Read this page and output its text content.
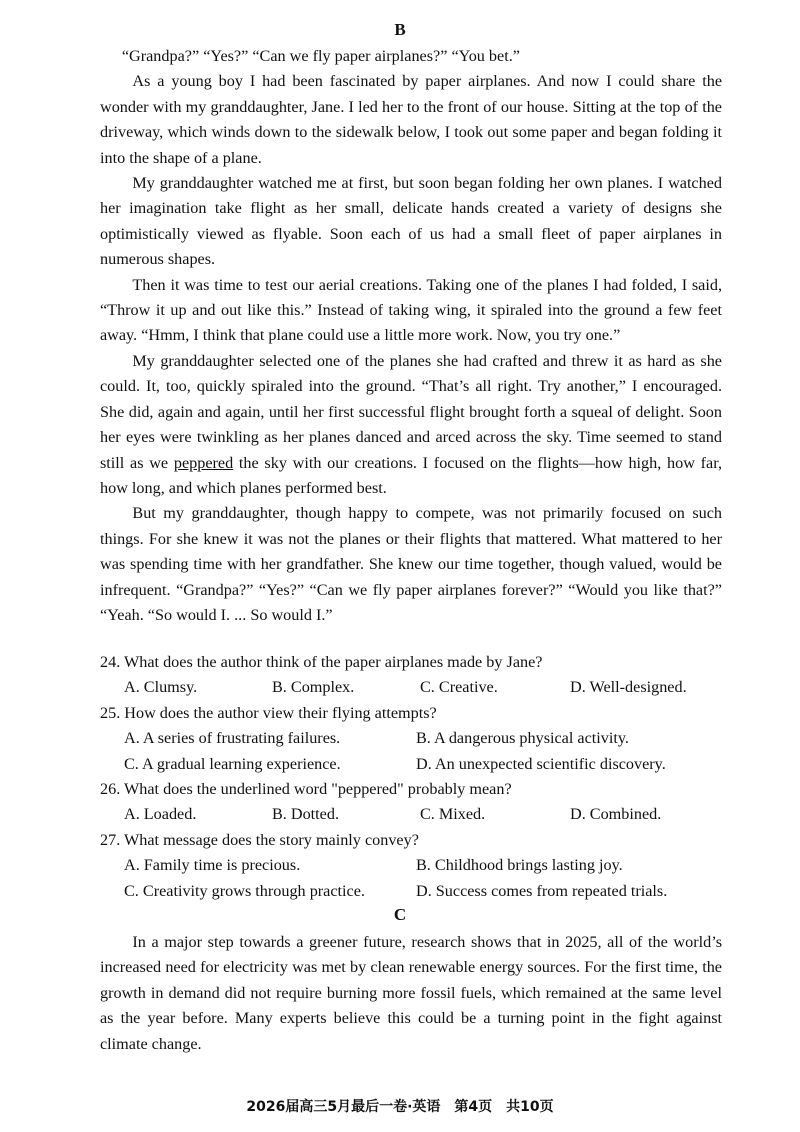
B

“Grandpa?” “Yes?” “Can we fly paper airplanes?” “You bet.”

As a young boy I had been fascinated by paper airplanes. And now I could share the wonder with my granddaughter, Jane. I led her to the front of our house. Sitting at the top of the driveway, which winds down to the sidewalk below, I took out some paper and began folding it into the shape of a plane.

My granddaughter watched me at first, but soon began folding her own planes. I watched her imagination take flight as her small, delicate hands created a variety of designs she optimistically viewed as flyable. Soon each of us had a small fleet of paper airplanes in numerous shapes.

Then it was time to test our aerial creations. Taking one of the planes I had folded, I said, “Throw it up and out like this.” Instead of taking wing, it spiraled into the ground a few feet away. “Hmm, I think that plane could use a little more work. Now, you try one.”

My granddaughter selected one of the planes she had crafted and threw it as hard as she could. It, too, quickly spiraled into the ground. “That’s all right. Try another,” I encouraged. She did, again and again, until her first successful flight brought forth a squeal of delight. Soon her eyes were twinkling as her planes danced and arced across the sky. Time seemed to stand still as we peppered the sky with our creations. I focused on the flights—how high, how far, how long, and which planes performed best.

But my granddaughter, though happy to compete, was not primarily focused on such things. For she knew it was not the planes or their flights that mattered. What mattered to her was spending time with her grandfather. She knew our time together, though valued, would be infrequent. “Grandpa?” “Yes?” “Can we fly paper airplanes forever?” “Would you like that?” “Yeah. “So would I. ... So would I.”

24. What does the author think of the paper airplanes made by Jane?

A. Clumsy.	B. Complex.	C. Creative.	D. Well-designed.

25. How does the author view their flying attempts?

A. A series of frustrating failures.	B. A dangerous physical activity.
C. A gradual learning experience.	D. An unexpected scientific discovery.

26. What does the underlined word "peppered" probably mean?

A. Loaded.	B. Dotted.	C. Mixed.	D. Combined.

27. What message does the story mainly convey?

A. Family time is precious.	B. Childhood brings lasting joy.
C. Creativity grows through practice.	D. Success comes from repeated trials.
C

In a major step towards a greener future, research shows that in 2025, all of the world’s increased need for electricity was met by clean renewable energy sources. For the first time, the growth in demand did not require burning more fossil fuels, which remained at the same level as the year before. Many experts believe this could be a turning point in the fight against climate change.

2026届高三5月最后一卷·英语　第4页　共10页
